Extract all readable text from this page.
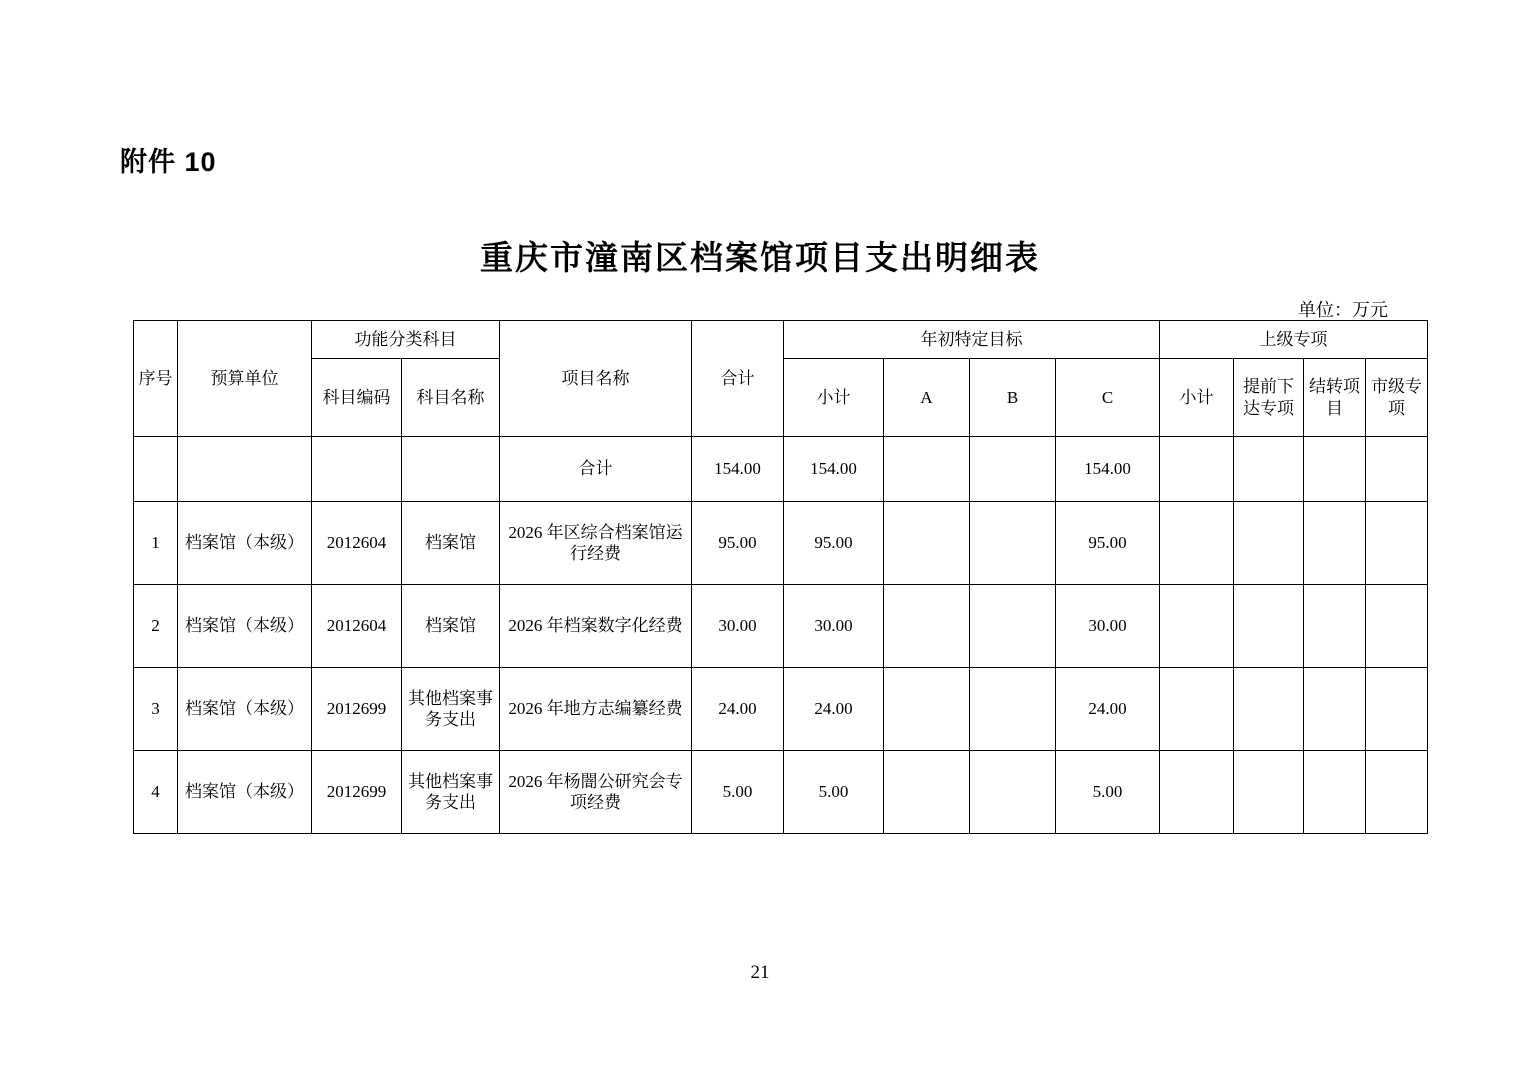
附件 10
重庆市潼南区档案馆项目支出明细表
单位：万元
序号	预算单位	功能分类科目		项目名称	合计	年初特定目标				上级专项			
		科目编码	科目名称			小计	A	B	C	小计	提前下达专项	结转项目	市级专项
				合计	154.00	154.00			154.00				
1	档案馆（本级）	2012604	档案馆	2026 年区综合档案馆运行经费	95.00	95.00			95.00				
2	档案馆（本级）	2012604	档案馆	2026 年档案数字化经费	30.00	30.00			30.00				
3	档案馆（本级）	2012699	其他档案事务支出	2026 年地方志编纂经费	24.00	24.00			24.00				
4	档案馆（本级）	2012699	其他档案事务支出	2026 年杨闇公研究会专项经费	5.00	5.00			5.00				
21
